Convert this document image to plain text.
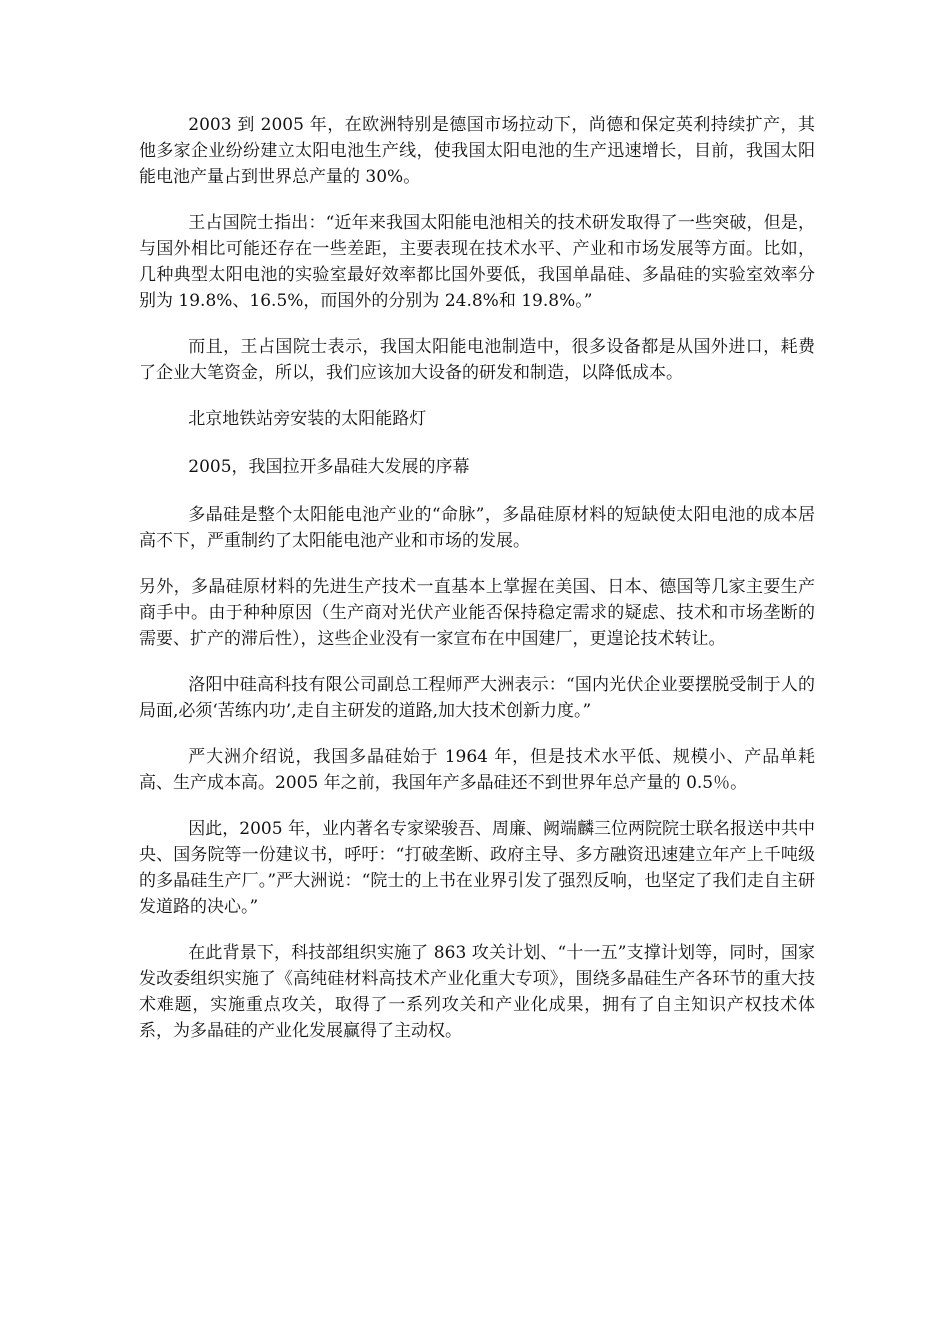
2003 到 2005 年，在欧洲特别是德国市场拉动下，尚德和保定英利持续扩产，其他多家企业纷纷建立太阳电池生产线，使我国太阳电池的生产迅速增长，目前，我国太阳能电池产量占到世界总产量的 30%。

王占国院士指出：“近年来我国太阳能电池相关的技术研发取得了一些突破，但是，与国外相比可能还存在一些差距，主要表现在技术水平、产业和市场发展等方面。比如，几种典型太阳电池的实验室最好效率都比国外要低，我国单晶硅、多晶硅的实验室效率分别为 19.8%、16.5%，而国外的分别为 24.8%和 19.8%。”

而且，王占国院士表示，我国太阳能电池制造中，很多设备都是从国外进口，耗费了企业大笔资金，所以，我们应该加大设备的研发和制造，以降低成本。

北京地铁站旁安装的太阳能路灯

2005，我国拉开多晶硅大发展的序幕

多晶硅是整个太阳能电池产业的“命脉”，多晶硅原材料的短缺使太阳电池的成本居高不下，严重制约了太阳能电池产业和市场的发展。

另外，多晶硅原材料的先进生产技术一直基本上掌握在美国、日本、德国等几家主要生产商手中。由于种种原因（生产商对光伏产业能否保持稳定需求的疑虑、技术和市场垄断的需要、扩产的滞后性），这些企业没有一家宣布在中国建厂，更遑论技术转让。

洛阳中硅高科技有限公司副总工程师严大洲表示：“国内光伏企业要摆脱受制于人的局面,必须‘苦练内功’,走自主研发的道路,加大技术创新力度。”

严大洲介绍说，我国多晶硅始于 1964 年，但是技术水平低、规模小、产品单耗高、生产成本高。2005 年之前，我国年产多晶硅还不到世界年总产量的 0.5％。

因此，2005 年，业内著名专家梁骏吾、周廉、阙端麟三位两院院士联名报送中共中央、国务院等一份建议书，呼吁：“打破垄断、政府主导、多方融资迅速建立年产上千吨级的多晶硅生产厂。”严大洲说：“院士的上书在业界引发了强烈反响，也坚定了我们走自主研发道路的决心。”

在此背景下，科技部组织实施了 863 攻关计划、“十一五”支撑计划等，同时，国家发改委组织实施了《高纯硅材料高技术产业化重大专项》，围绕多晶硅生产各环节的重大技术难题，实施重点攻关，取得了一系列攻关和产业化成果，拥有了自主知识产权技术体系，为多晶硅的产业化发展赢得了主动权。
